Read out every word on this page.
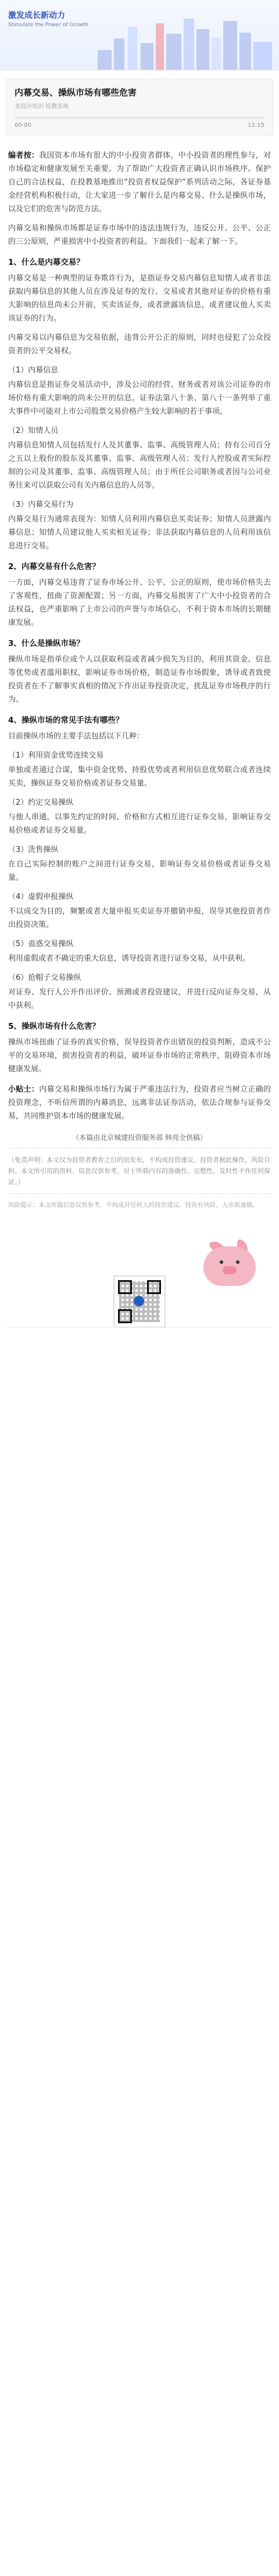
激发成长新动力
Stimulate the Power of Growth
内幕交易、操纵市场有哪些危害
美投冷知识·投教基地
00:00	12:15
编者按：我国资本市场有很大的中小投资者群体，中小投资者的理性参与，对市场稳定和健康发展至关重要。为了帮助广大投资者正确认识市场秩序、保护自己的合法权益，在投教基地推出“投资者权益保护”系列活动之际，各证券基金经营机构积极行动，让大家进一步了解什么是内幕交易、什么是操纵市场，以及它们的危害与防范方法。
内幕交易和操纵市场都是证券市场中的违法违规行为，违反公开、公平、公正的三公原则，严重损害中小投资者的利益。下面我们一起来了解一下。
1、什么是内幕交易？
内幕交易是一种典型的证券欺诈行为，是指证券交易内幕信息知情人或者非法获取内幕信息的其他人员在涉及证券的发行、交易或者其他对证券的价格有重大影响的信息尚未公开前，买卖该证券，或者泄露该信息，或者建议他人买卖该证券的行为。
内幕交易以内幕信息为交易依据，违背公开公正的原则，同时也侵犯了公众投资者的公平交易权。
（1）内幕信息
内幕信息是指证券交易活动中，涉及公司的经营、财务或者对该公司证券的市场价格有重大影响的尚未公开的信息。证券法第八十条、第八十一条列举了重大事件中可能对上市公司股票交易价格产生较大影响的若干事项。
（2）知情人员
内幕信息知情人员包括发行人及其董事、监事、高级管理人员；持有公司百分之五以上股份的股东及其董事、监事、高级管理人员；发行人控股或者实际控制的公司及其董事、监事、高级管理人员；由于所任公司职务或者因与公司业务往来可以获取公司有关内幕信息的人员等。
（3）内幕交易行为
内幕交易行为通常表现为：知情人员利用内幕信息买卖证券；知情人员泄露内幕信息；知情人员建议他人买卖相关证券；非法获取内幕信息的人员利用该信息进行交易。
2、内幕交易有什么危害？
一方面，内幕交易违背了证券市场公开、公平、公正的原则，使市场价格失去了客观性，扭曲了资源配置；另一方面，内幕交易损害了广大中小投资者的合法权益，也严重影响了上市公司的声誉与市场信心，不利于资本市场的长期健康发展。
3、什么是操纵市场？
操纵市场是指单位或个人以获取利益或者减少损失为目的，利用其资金、信息等优势或者滥用职权，影响证券市场价格，制造证券市场假象，诱导或者致使投资者在不了解事实真相的情况下作出证券投资决定，扰乱证券市场秩序的行为。
4、操纵市场的常见手法有哪些？
目前操纵市场的主要手法包括以下几种：
（1）利用资金优势连续交易
单独或者通过合谋，集中资金优势、持股优势或者利用信息优势联合或者连续买卖，操纵证券交易价格或者证券交易量。
（2）约定交易操纵
与他人串通，以事先约定的时间、价格和方式相互进行证券交易，影响证券交易价格或者证券交易量。
（3）洗售操纵
在自己实际控制的账户之间进行证券交易，影响证券交易价格或者证券交易量。
（4）虚假申报操纵
不以成交为目的，频繁或者大量申报买卖证券并撤销申报，误导其他投资者作出投资决策。
（5）蛊惑交易操纵
利用虚假或者不确定的重大信息，诱导投资者进行证券交易，从中获利。
（6）抢帽子交易操纵
对证券、发行人公开作出评价、预测或者投资建议，并进行反向证券交易，从中获利。
5、操纵市场有什么危害？
操纵市场扭曲了证券的真实价格，误导投资者作出错误的投资判断，造成不公平的交易环境，损害投资者的利益，破坏证券市场的正常秩序，阻碍资本市场健康发展。
小贴士：内幕交易和操纵市场行为属于严重违法行为，投资者应当树立正确的投资理念，不听信所谓的内幕消息，远离非法证券活动，依法合规参与证券交易，共同维护资本市场的健康发展。
（本篇由北京城建投资服务部 韩亮全供稿）
（免责声明：本文仅为投资者教育之目的而发布，不构成投资建议。投资者据此操作，风险自担。本文所引用的资料、信息仅供参考，对于所载内容的准确性、完整性、及时性不作任何保证。）
风险提示：本文所载信息仅供参考，不构成对任何人的投资建议。投资有风险，入市需谨慎。
